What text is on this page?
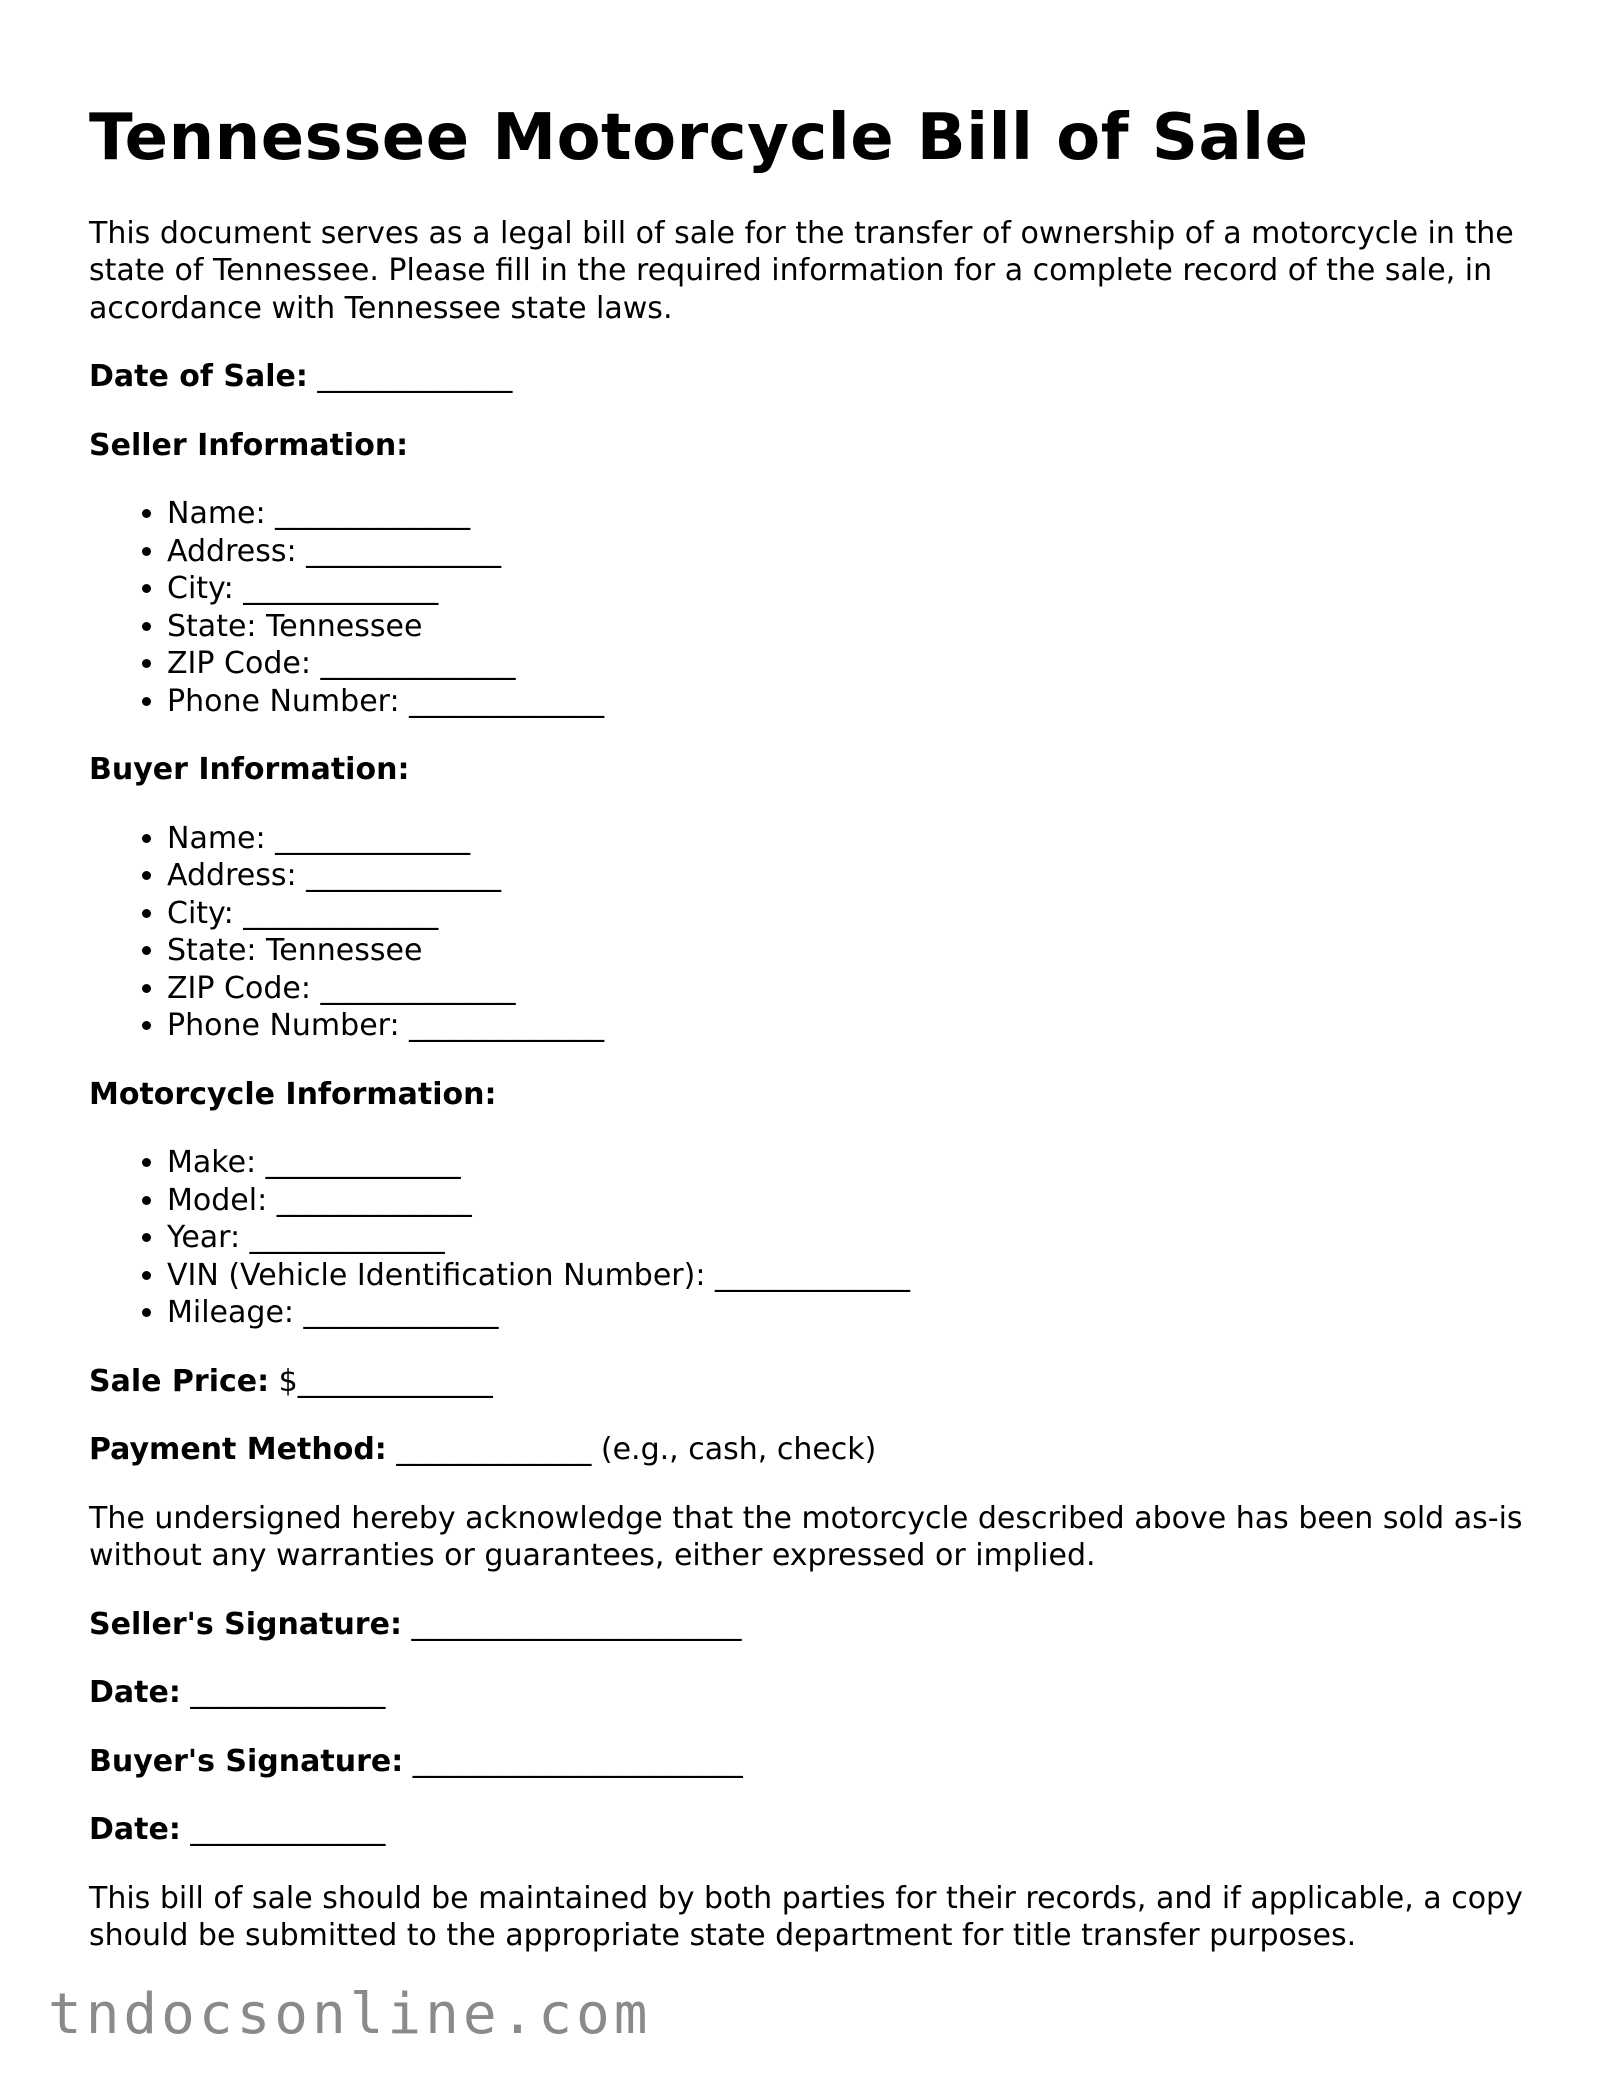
Tennessee Motorcycle Bill of Sale

This document serves as a legal bill of sale for the transfer of ownership of a motorcycle in the state of Tennessee. Please fill in the required information for a complete record of the sale, in accordance with Tennessee state laws.

Date of Sale: _____________
Seller Information:
• Name: _____________
• Address: _____________
• City: _____________
• State: Tennessee
• ZIP Code: _____________
• Phone Number: _____________
Buyer Information:
• Name: _____________
• Address: _____________
• City: _____________
• State: Tennessee
• ZIP Code: _____________
• Phone Number: _____________
Motorcycle Information:
• Make: _____________
• Model: _____________
• Year: _____________
• VIN (Vehicle Identification Number): _____________
• Mileage: _____________
Sale Price: $_____________
Payment Method: _____________ (e.g., cash, check)

The undersigned hereby acknowledge that the motorcycle described above has been sold as-is without any warranties or guarantees, either expressed or implied.

Seller's Signature: ______________________
Date: _____________
Buyer's Signature: ______________________
Date: _____________

This bill of sale should be maintained by both parties for their records, and if applicable, a copy should be submitted to the appropriate state department for title transfer purposes.

tndocsonline.com
